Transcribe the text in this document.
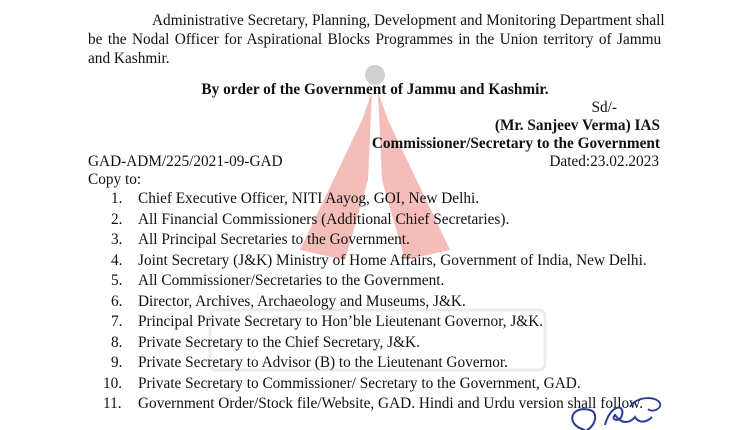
Administrative Secretary, Planning, Development and Monitoring Department shall
be the Nodal Officer for Aspirational Blocks Programmes in the Union territory of Jammu
and Kashmir.
By order of the Government of Jammu and Kashmir.
Sd/-
(Mr. Sanjeev Verma) IAS
Commissioner/Secretary to the Government
GAD-ADM/225/2021-09-GAD	Dated:23.02.2023
Copy to:
1. Chief Executive Officer, NITI Aayog, GOI, New Delhi.
2. All Financial Commissioners (Additional Chief Secretaries).
3. All Principal Secretaries to the Government.
4. Joint Secretary (J&K) Ministry of Home Affairs, Government of India, New Delhi.
5. All Commissioner/Secretaries to the Government.
6. Director, Archives, Archaeology and Museums, J&K.
7. Principal Private Secretary to Hon’ble Lieutenant Governor, J&K.
8. Private Secretary to the Chief Secretary, J&K.
9. Private Secretary to Advisor (B) to the Lieutenant Governor.
10. Private Secretary to Commissioner/ Secretary to the Government, GAD.
11. Government Order/Stock file/Website, GAD. Hindi and Urdu version shall follow.
